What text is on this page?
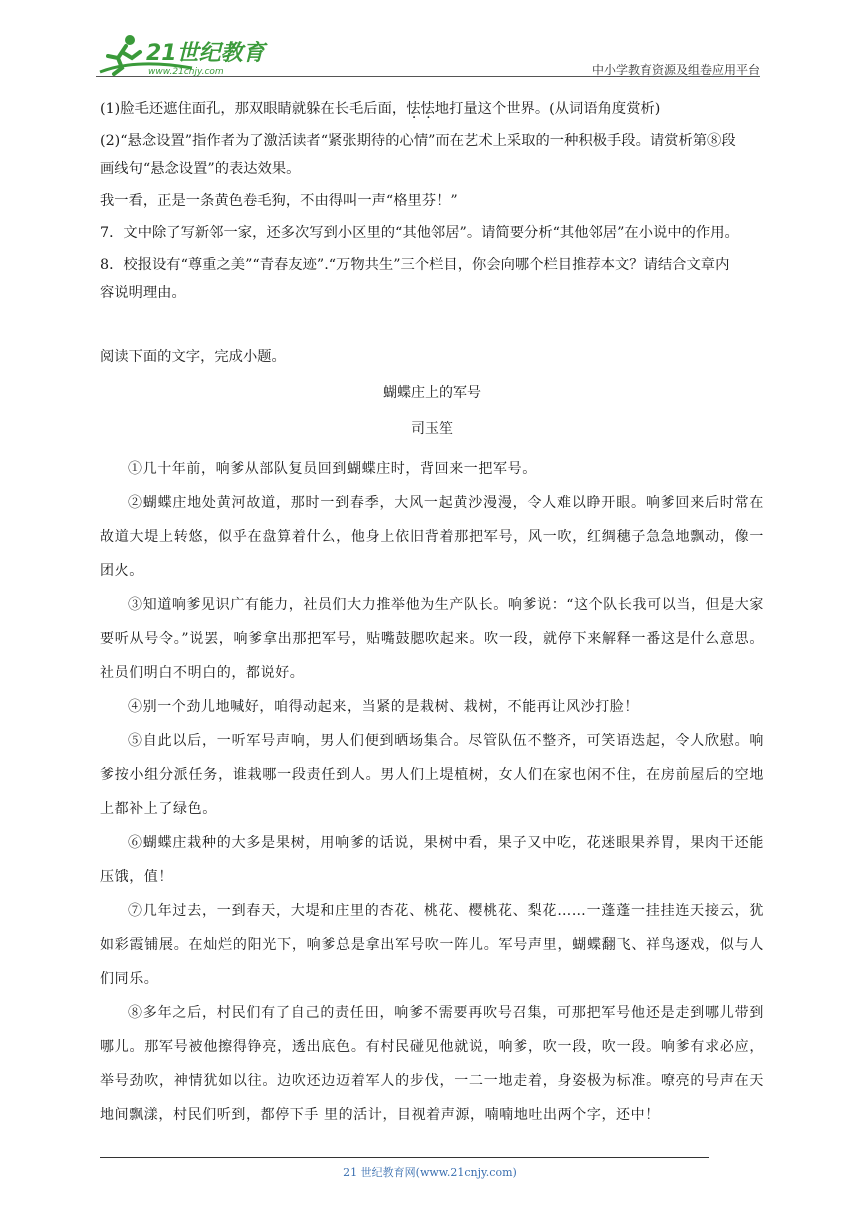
21世纪教育
www.21cnjy.com	中小学教育资源及组卷应用平台

(1)脸毛还遮住面孔，那双眼睛就躲在长毛后面，怯怯地打量这个世界。(从词语角度赏析)

(2)“悬念设置”指作者为了激活读者“紧张期待的心情”而在艺术上采取的一种积极手段。请赏析第⑧段

画线句“悬念设置”的表达效果。

我一看，正是一条黄色卷毛狗，不由得叫一声“格里芬！”

7．文中除了写新邻一家，还多次写到小区里的“其他邻居”。请简要分析“其他邻居”在小说中的作用。

8．校报设有“尊重之美”“青春友迹”.“万物共生”三个栏目，你会向哪个栏目推荐本文？请结合文章内

容说明理由。

阅读下面的文字，完成小题。

蝴蝶庄上的军号
司玉笙

①几十年前，响爹从部队复员回到蝴蝶庄时，背回来一把军号。

②蝴蝶庄地处黄河故道，那时一到春季，大风一起黄沙漫漫，令人难以睁开眼。响爹回来后时常在故道大堤上转悠，似乎在盘算着什么，他身上依旧背着那把军号，风一吹，红绸穗子急急地飘动，像一团火。

③知道响爹见识广有能力，社员们大力推举他为生产队长。响爹说：“这个队长我可以当，但是大家要听从号令。”说罢，响爹拿出那把军号，贴嘴鼓腮吹起来。吹一段，就停下来解释一番这是什么意思。社员们明白不明白的，都说好。

④别一个劲儿地喊好，咱得动起来，当紧的是栽树、栽树，不能再让风沙打脸！

⑤自此以后，一听军号声响，男人们便到晒场集合。尽管队伍不整齐，可笑语迭起，令人欣慰。响爹按小组分派任务，谁栽哪一段责任到人。男人们上堤植树，女人们在家也闲不住，在房前屋后的空地上都补上了绿色。

⑥蝴蝶庄栽种的大多是果树，用响爹的话说，果树中看，果子又中吃，花迷眼果养胃，果肉干还能压饿，值！

⑦几年过去，一到春天，大堤和庄里的杏花、桃花、樱桃花、梨花……一蓬蓬一挂挂连天接云，犹如彩霞铺展。在灿烂的阳光下，响爹总是拿出军号吹一阵儿。军号声里，蝴蝶翻飞、祥鸟逐戏，似与人们同乐。

⑧多年之后，村民们有了自己的责任田，响爹不需要再吹号召集，可那把军号他还是走到哪儿带到哪儿。那军号被他擦得铮亮，透出底色。有村民碰见他就说，响爹，吹一段，吹一段。响爹有求必应，举号劲吹，神情犹如以往。边吹还边迈着军人的步伐，一二一地走着，身姿极为标准。嘹亮的号声在天地间飘漾，村民们听到，都停下手 里的活计，目视着声源，喃喃地吐出两个字，还中！

21 世纪教育网(www.21cnjy.com)
